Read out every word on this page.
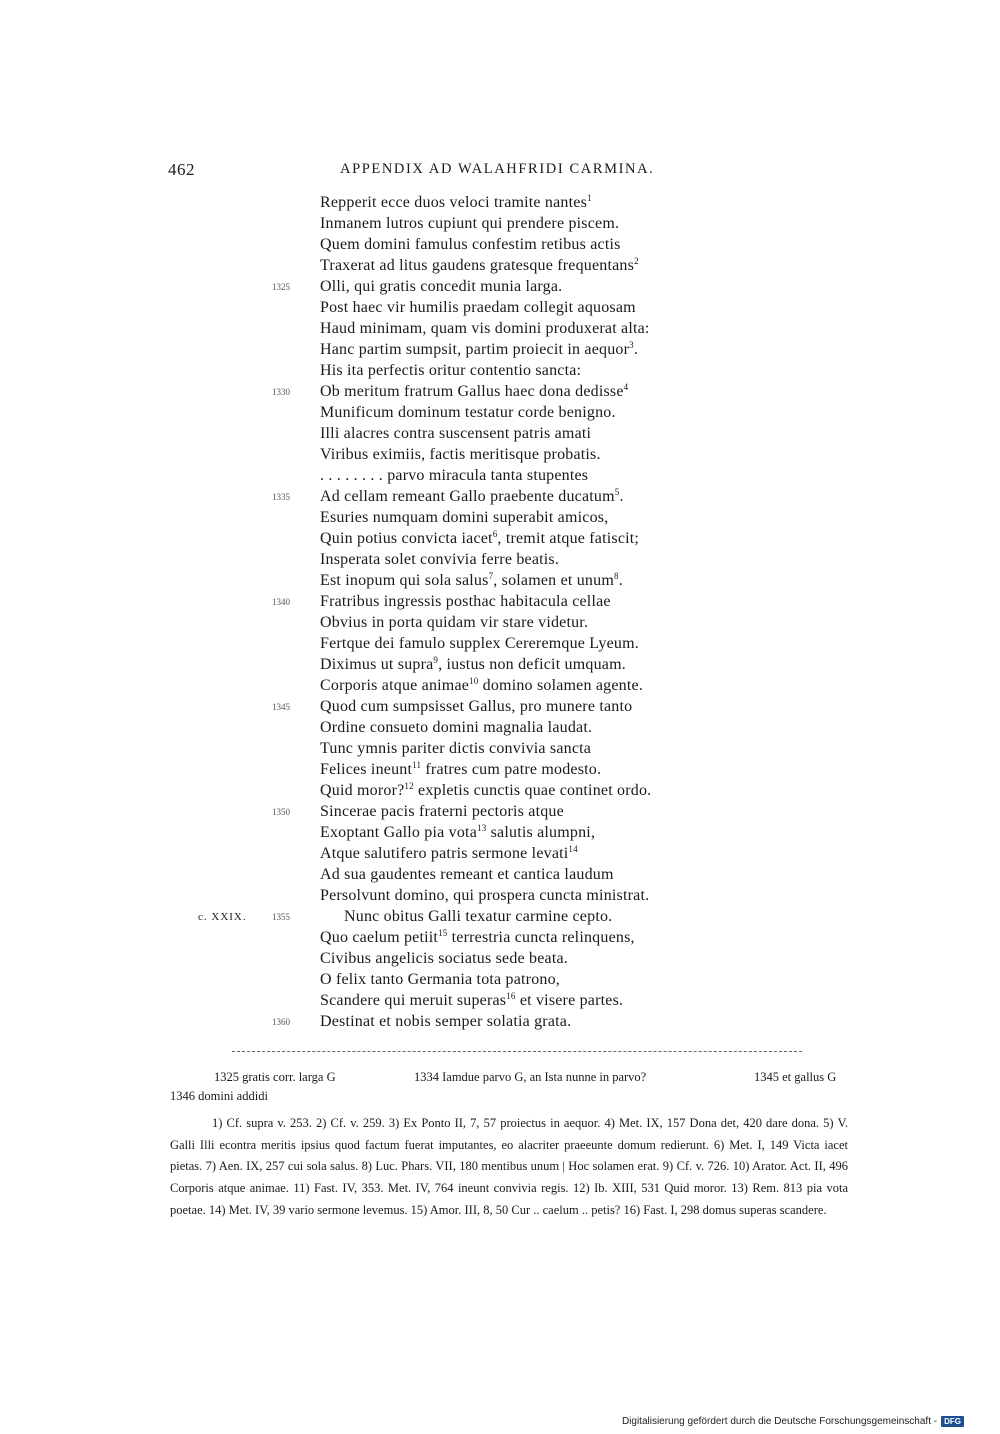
462	APPENDIX AD WALAHFRIDI CARMINA.
Repperit ecce duos veloci tramite nantes$^1$
Inmanem lutros cupiunt qui prendere piscem.
Quem domini famulus confestim retibus actis
Traxerat ad litus gaudens gratesque frequentans$^2$
Olli, qui gratis concedit munia larga.
Post haec vir humilis praedam collegit aquosam
Haud minimam, quam vis domini produxerat alta:
Hanc partim sumpsit, partim proiecit in aequor$^3$.
His ita perfectis oritur contentio sancta:
Ob meritum fratrum Gallus haec dona dedisse$^4$
Munificum dominum testatur corde benigno.
Illi alacres contra suscensent patris amati
Viribus eximiis, factis meritisque probatis.
. . . . . . . . parvo miracula tanta stupentes
Ad cellam remeant Gallo praebente ducatum$^5$.
Esuries numquam domini superabit amicos,
Quin potius convicta iacet$^6$, tremit atque fatiscit;
Insperata solet convivia ferre beatis.
Est inopum qui sola salus$^7$, solamen et unum$^8$.
Fratribus ingressis posthac habitacula cellae
Obvius in porta quidam vir stare videtur.
Fertque dei famulo supplex Cereremque Lyeum.
Diximus ut supra$^9$, iustus non deficit umquam.
Corporis atque animae$^{10}$ domino solamen agente.
Quod cum sumpsisset Gallus, pro munere tanto
Ordine consueto domini magnalia laudat.
Tunc ymnis pariter dictis convivia sancta
Felices ineunt$^{11}$ fratres cum patre modesto.
Quid moror?$^{12}$ expletis cunctis quae continet ordo.
Sincerae pacis fraterni pectoris atque
Exoptant Gallo pia vota$^{13}$ salutis alumpni,
Atque salutifero patris sermone levati$^{14}$
Ad sua gaudentes remeant et cantica laudum
Persolvunt domino, qui prospera cuncta ministrat.
Nunc obitus Galli texatur carmine cepto.
Quo caelum petiit$^{15}$ terrestria cuncta relinquens,
Civibus angelicis sociatus sede beata.
O felix tanto Germania tota patrono,
Scandere qui meruit superas$^{16}$ et visere partes.
Destinat et nobis semper solatia grata.
1325
1330
1335
1340
1345
1350
1355
1360
c. XXIX.
1325 gratis corr. larga G	1334 Iamdue parvo G, an Ista nunne in parvo?	1345 et gallus G
1346 domini addidi

1) Cf. supra v. 253. 2) Cf. v. 259. 3) Ex Ponto II, 7, 57 proiectus in aequor. 4) Met. IX, 157 Dona det, 420 dare dona. 5) V. Galli Illi econtra meritis ipsius quod factum fuerat imputantes, eo alacriter praeeunte domum redierunt. 6) Met. I, 149 Victa iacet pietas. 7) Aen. IX, 257 cui sola salus. 8) Luc. Phars. VII, 180 mentibus unum | Hoc solamen erat. 9) Cf. v. 726. 10) Arator. Act. II, 496 Corporis atque animae. 11) Fast. IV, 353. Met. IV, 764 ineunt convivia regis. 12) Ib. XIII, 531 Quid moror. 13) Rem. 813 pia vota poetae. 14) Met. IV, 39 vario sermone levemus. 15) Amor. III, 8, 50 Cur .. caelum .. petis? 16) Fast. I, 298 domus superas scandere.

Digitalisierung gefördert durch die Deutsche Forschungsgemeinschaft - DFG
